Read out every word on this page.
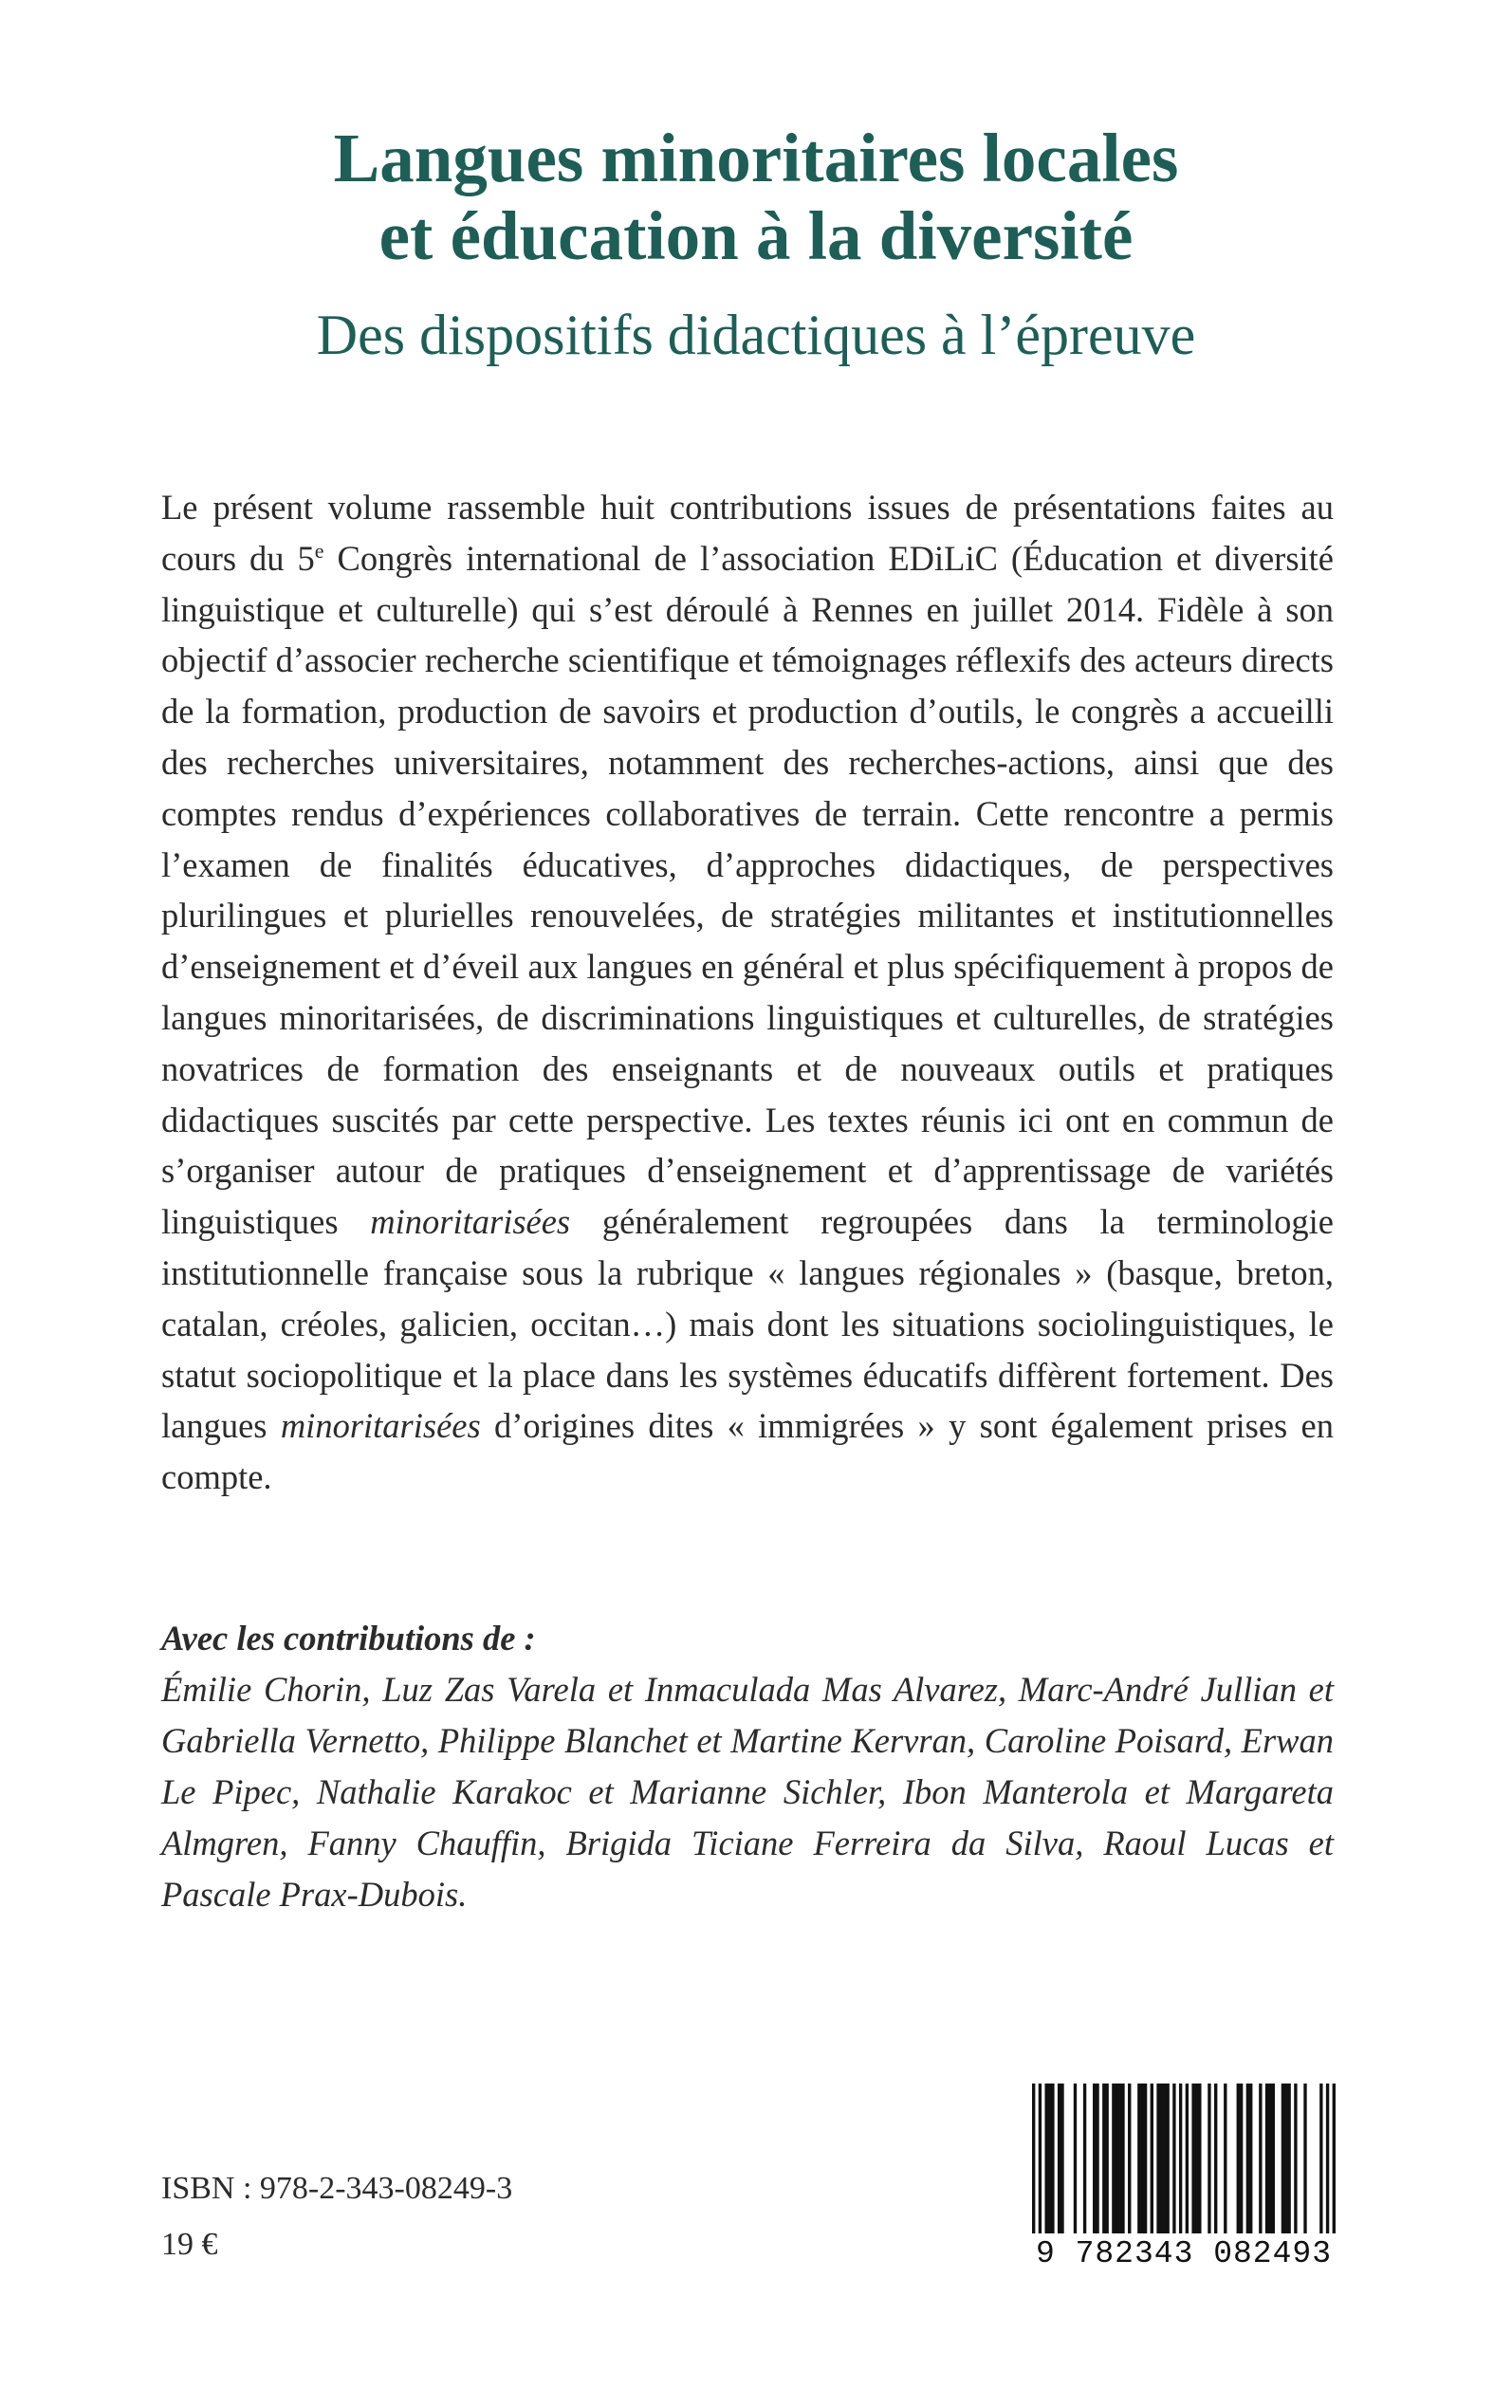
Langues minoritaires locales
et éducation à la diversité
Des dispositifs didactiques à l’épreuve

Le présent volume rassemble huit contributions issues de présentations faites au cours du 5e Congrès international de l’association EDiLiC (Éducation et diversité linguistique et culturelle) qui s’est déroulé à Rennes en juillet 2014. Fidèle à son objectif d’associer recherche scientifique et témoignages réflexifs des acteurs directs de la formation, production de savoirs et production d’outils, le congrès a accueilli des recherches universitaires, notamment des recherches-actions, ainsi que des comptes rendus d’expériences collaboratives de terrain. Cette rencontre a permis l’examen de finalités éducatives, d’approches didactiques, de perspectives plurilingues et plurielles renouvelées, de stratégies militantes et institutionnelles d’enseignement et d’éveil aux langues en général et plus spécifiquement à propos de langues minoritarisées, de discriminations linguistiques et culturelles, de stratégies novatrices de formation des enseignants et de nouveaux outils et pratiques didactiques suscités par cette perspective. Les textes réunis ici ont en commun de s’organiser autour de pratiques d’enseignement et d’apprentissage de variétés linguistiques minoritarisées généralement regroupées dans la terminologie institutionnelle française sous la rubrique « langues régionales » (basque, breton, catalan, créoles, galicien, occitan…) mais dont les situations sociolinguistiques, le statut sociopolitique et la place dans les systèmes éducatifs diffèrent fortement. Des langues minoritarisées d’origines dites « immigrées » y sont également prises en compte.

Avec les contributions de :

Émilie Chorin, Luz Zas Varela et Inmaculada Mas Alvarez, Marc-André Jullian et Gabriella Vernetto, Philippe Blanchet et Martine Kervran, Caroline Poisard, Erwan Le Pipec, Nathalie Karakoc et Marianne Sichler, Ibon Manterola et Margareta Almgren, Fanny Chauffin, Brigida Ticiane Ferreira da Silva, Raoul Lucas et Pascale Prax-Dubois.

ISBN : 978-2-343-08249-3
19 €	9 782343 082493
